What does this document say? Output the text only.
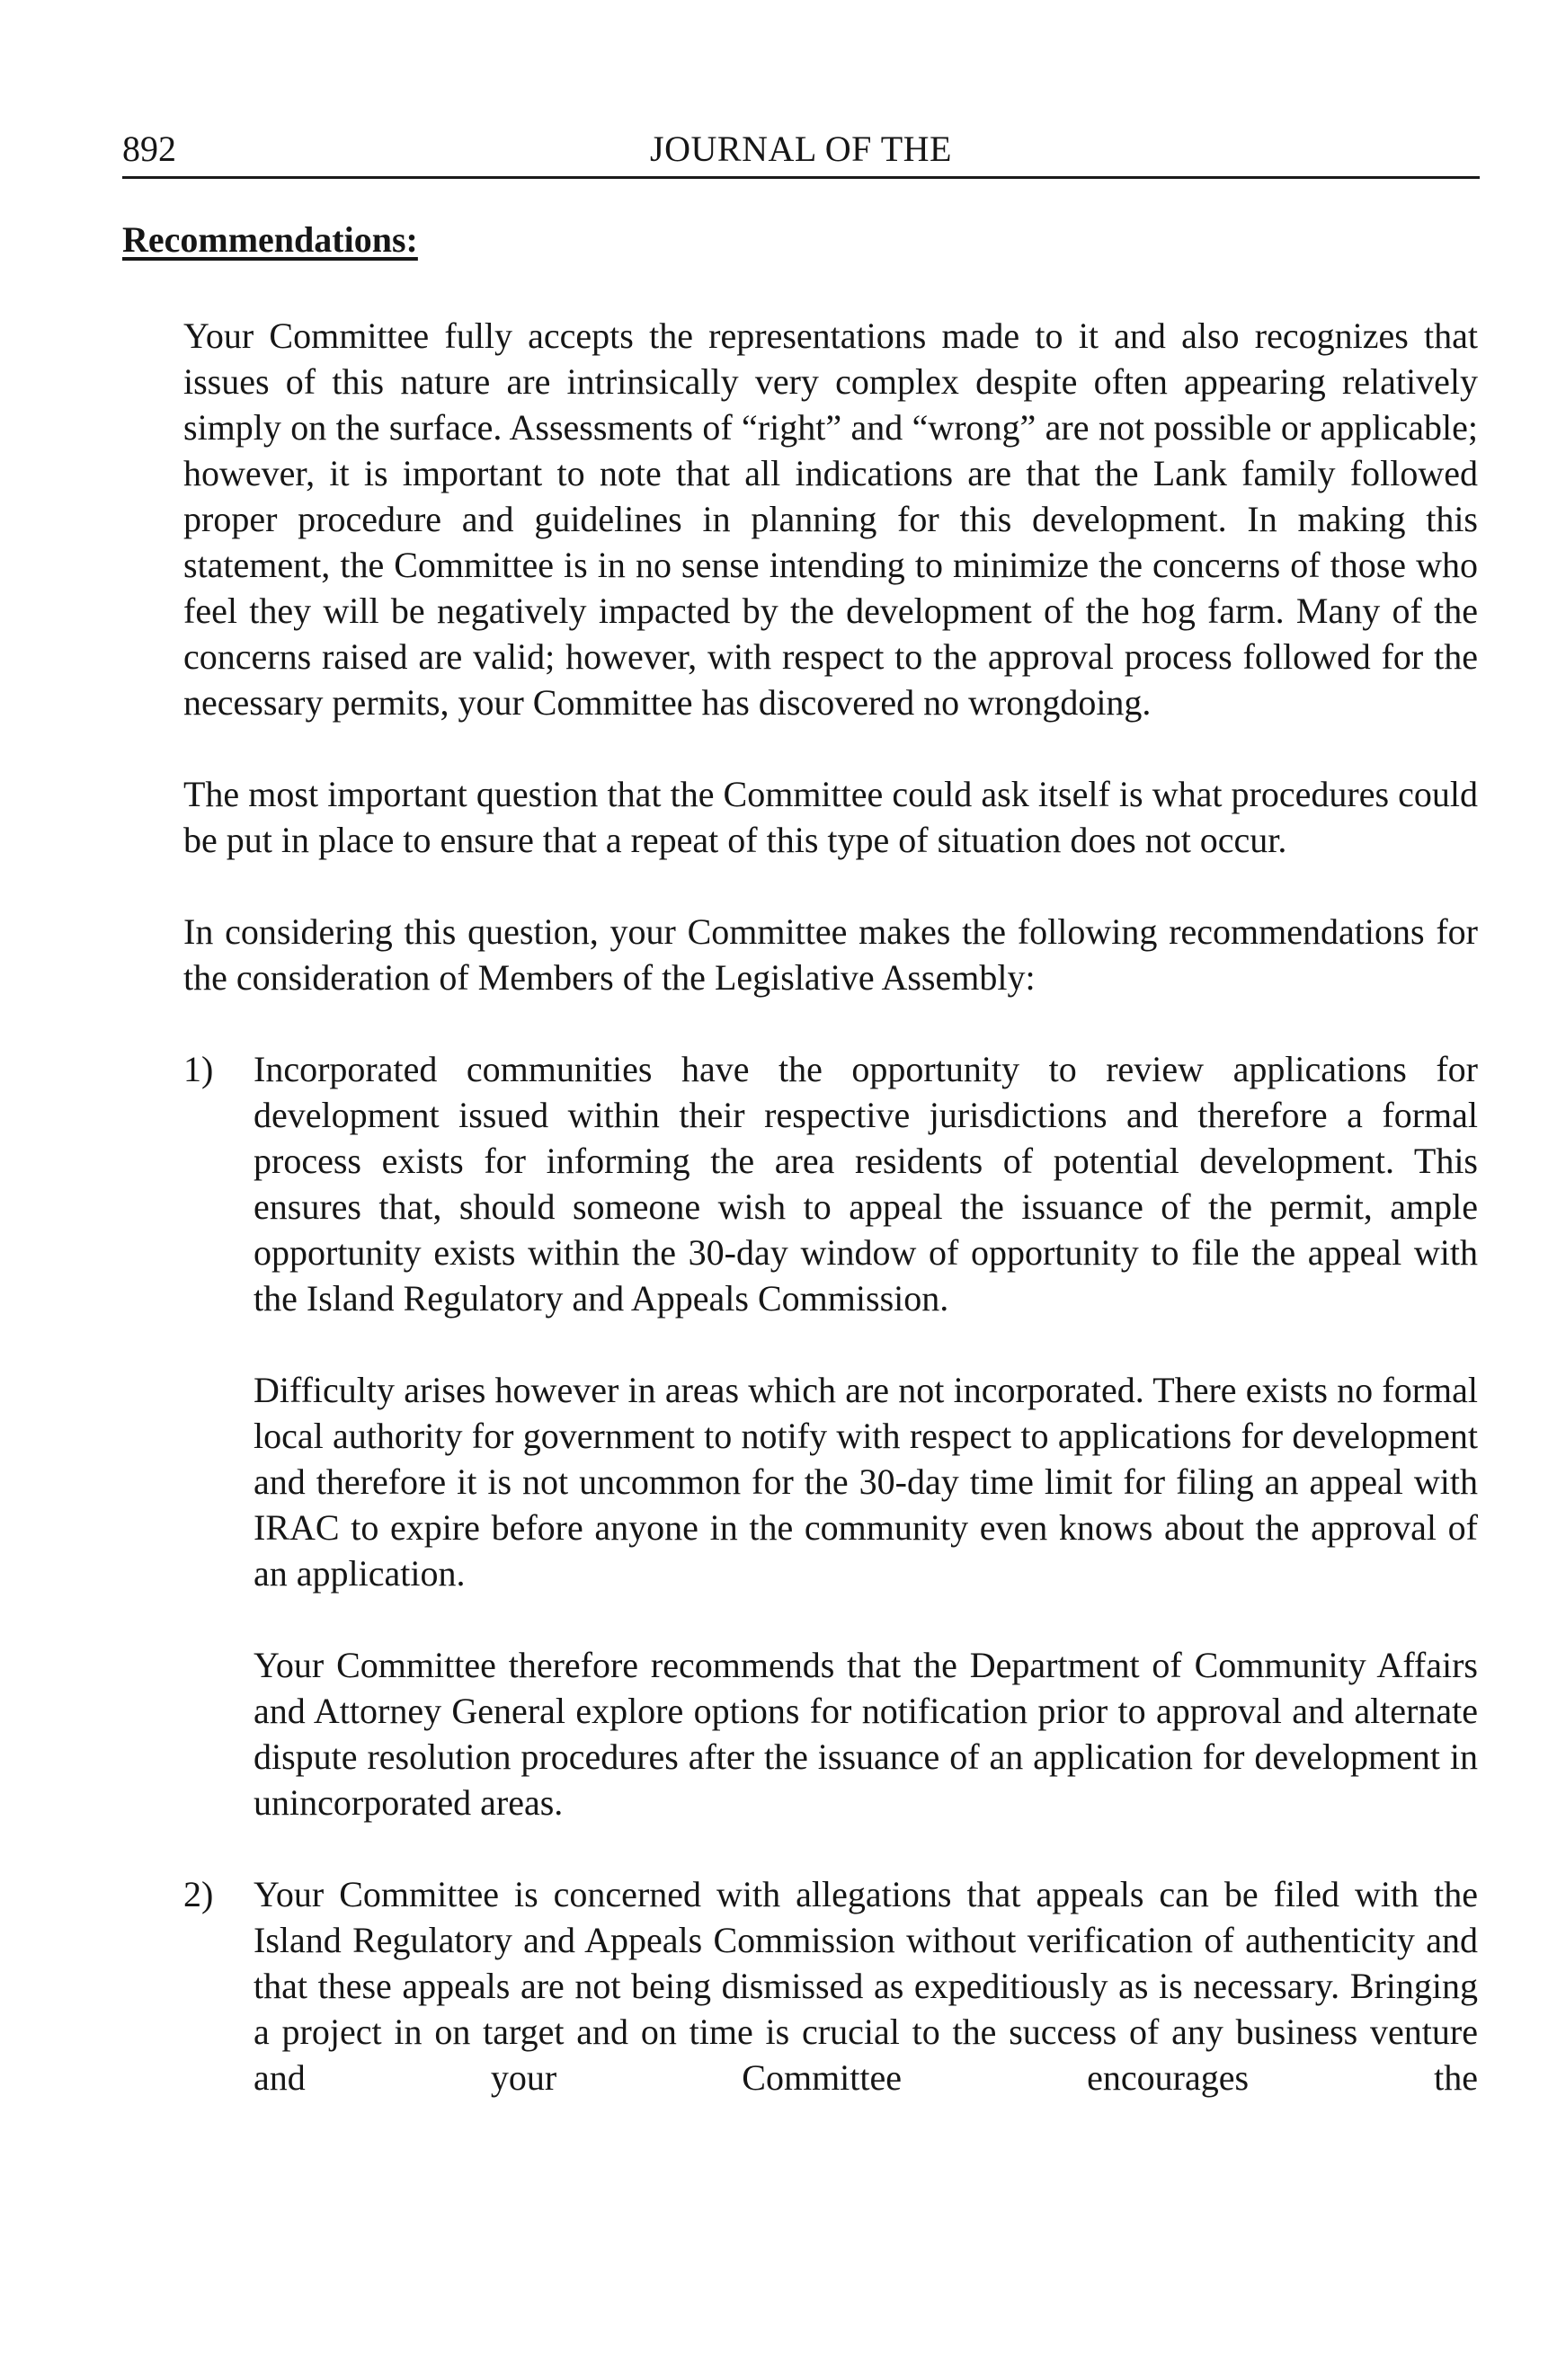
892	JOURNAL OF THE
Recommendations:

Your Committee fully accepts the representations made to it and also recognizes that issues of this nature are intrinsically very complex despite often appearing relatively simply on the surface. Assessments of “right” and “wrong” are not possible or applicable; however, it is important to note that all indications are that the Lank family followed proper procedure and guidelines in planning for this development. In making this statement, the Committee is in no sense intending to minimize the concerns of those who feel they will be negatively impacted by the development of the hog farm. Many of the concerns raised are valid; however, with respect to the approval process followed for the necessary permits, your Committee has discovered no wrongdoing.

The most important question that the Committee could ask itself is what procedures could be put in place to ensure that a repeat of this type of situation does not occur.

In considering this question, your Committee makes the following recommendations for the consideration of Members of the Legislative Assembly:

1) Incorporated communities have the opportunity to review applications for development issued within their respective jurisdictions and therefore a formal process exists for informing the area residents of potential development. This ensures that, should someone wish to appeal the issuance of the permit, ample opportunity exists within the 30-day window of opportunity to file the appeal with the Island Regulatory and Appeals Commission.

Difficulty arises however in areas which are not incorporated. There exists no formal local authority for government to notify with respect to applications for development and therefore it is not uncommon for the 30-day time limit for filing an appeal with IRAC to expire before anyone in the community even knows about the approval of an application.

Your Committee therefore recommends that the Department of Community Affairs and Attorney General explore options for notification prior to approval and alternate dispute resolution procedures after the issuance of an application for development in unincorporated areas.

2) Your Committee is concerned with allegations that appeals can be filed with the Island Regulatory and Appeals Commission without verification of authenticity and that these appeals are not being dismissed as expeditiously as is necessary. Bringing a project in on target and on time is crucial to the success of any business venture and your Committee encourages the
